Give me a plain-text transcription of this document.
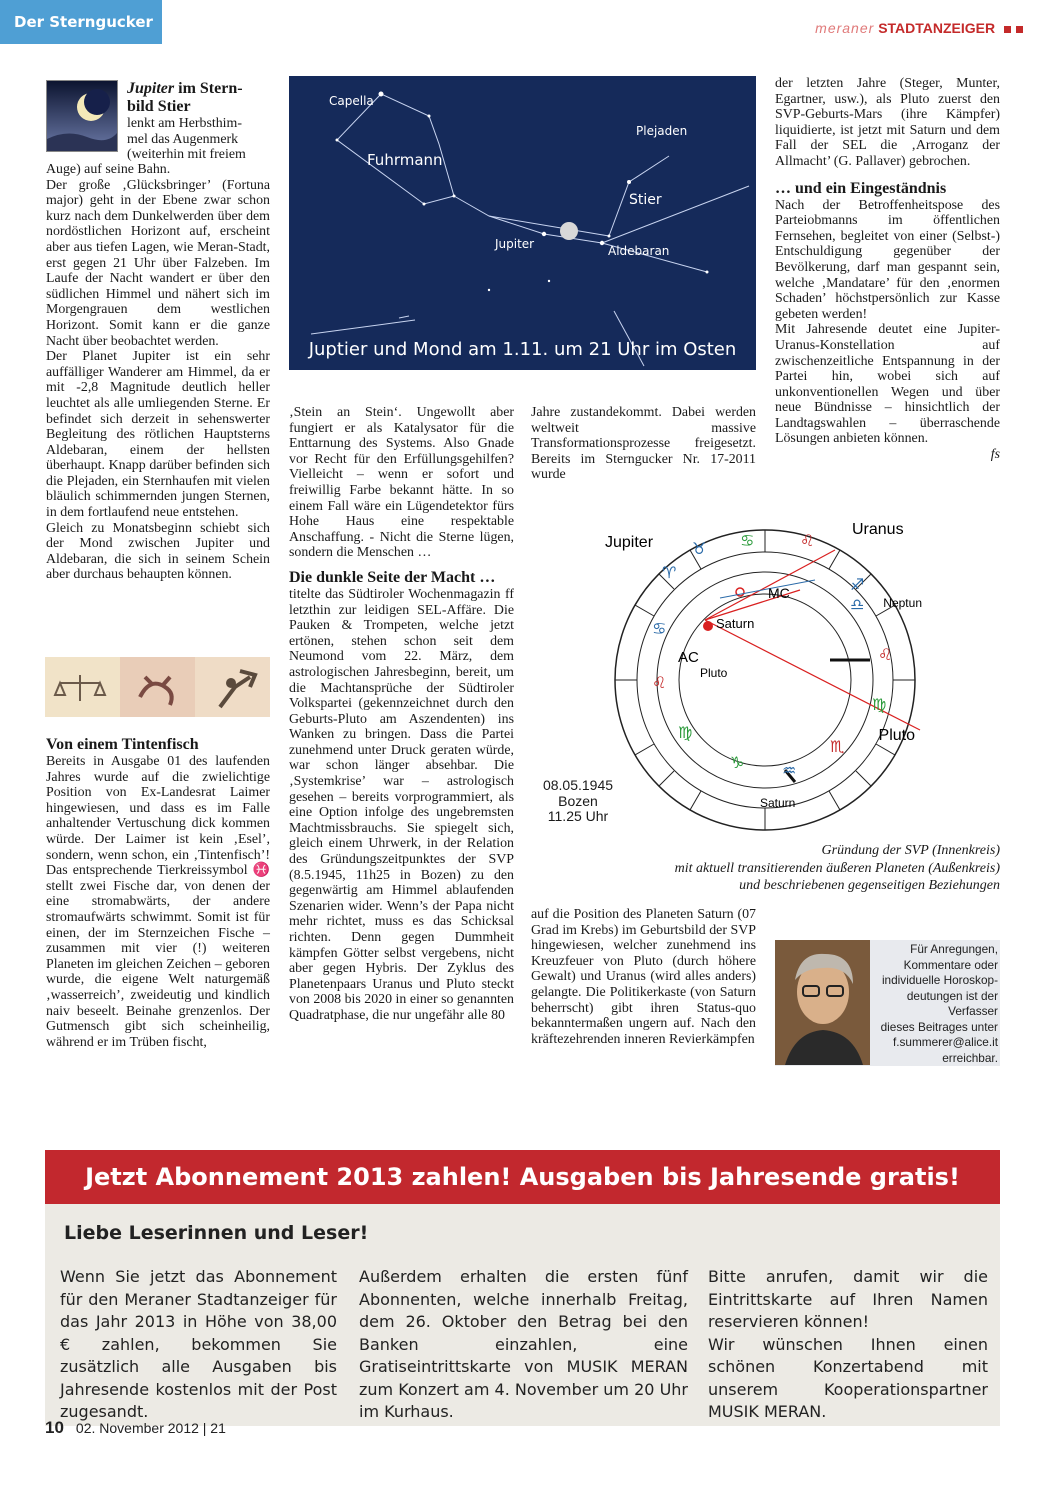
Der Sterngucker	meraner STADTANZEIGER

Jupiter im Stern-

bild Stier

lenkt am Herbsthim-

mel das Augenmerk

(weiterhin mit freiem

Auge) auf seine Bahn.

Der große ‚Glücksbringer’ (Fortuna major) geht in der Ebene zwar schon kurz nach dem Dunkelwerden über dem nordöstlichen Horizont auf, erscheint aber aus tiefen Lagen, wie Meran-Stadt, erst gegen 21 Uhr über Falzeben. Im Laufe der Nacht wandert er über den südlichen Himmel und nähert sich im Morgengrauen dem westlichen Horizont. Somit kann er die ganze Nacht über beobachtet werden.

Der Planet Jupiter ist ein sehr auffälliger Wanderer am Himmel, da er mit -2,8 Magnitude deutlich heller leuchtet als alle umliegenden Sterne. Er befindet sich derzeit in sehenswerter Begleitung des rötlichen Hauptsterns Aldebaran, einem der hellsten überhaupt. Knapp darüber befinden sich die Plejaden, ein Sternhaufen mit vielen bläulich schimmernden jungen Sternen, in dem fortlaufend neue entstehen.

Gleich zu Monatsbeginn schiebt sich der Mond zwischen Jupiter und Aldebaran, die sich in seinem Schein aber durchaus behaupten können.

Von einem Tintenfisch

Bereits in Ausgabe 01 des laufenden Jahres wurde auf die zwielichtige Position von Ex-Landesrat Laimer hingewiesen, und dass es im Falle anhaltender Vertuschung dick kommen würde. Der Laimer ist kein ‚Esel’, sondern, wenn schon, ein ‚Tintenfisch’! Das entsprechende Tierkreissymbol ♓ stellt zwei Fische dar, von denen der eine stromabwärts, der andere stromaufwärts schwimmt. Somit ist für einen, der im Sternzeichen Fische – zusammen mit vier (!) weiteren Planeten im gleichen Zeichen – geboren wurde, die eigene Welt naturgemäß ‚wasserreich’, zweideutig und kindlich naiv beseelt. Beinahe grenzenlos. Der Gutmensch gibt sich scheinheilig, während er im Trüben fischt,

Capella
Fuhrmann
Plejaden
Stier
Jupiter	Aldebaran
Juptier und Mond am 1.11. um 21 Uhr im Osten

‚Stein an Stein‘. Ungewollt aber fungiert er als Katalysator für die Enttarnung des Systems. Also Gnade vor Recht für den Erfüllungsgehilfen? Vielleicht – wenn er sofort und freiwillig Farbe bekannt hätte. In so einem Fall wäre ein Lügendetektor fürs Hohe Haus eine respektable Anschaffung. - Nicht die Sterne lügen, sondern die Menschen …

Die dunkle Seite der Macht …

titelte das Südtiroler Wochenmagazin ff letzthin zur leidigen SEL-Affäre. Die Pauken & Trompeten, welche jetzt ertönen, stehen schon seit dem Neumond vom 22. März, dem astrologischen Jahresbeginn, bereit, um die Machtansprüche der Südtiroler Volkspartei (gekennzeichnet durch den Geburts-Pluto am Aszendenten) ins Wanken zu bringen. Dass die Partei zunehmend unter Druck geraten würde, war schon länger absehbar. Die ‚Systemkrise’ war – astrologisch gesehen – bereits vorprogrammiert, als eine Option infolge des ungebremsten Machtmissbrauchs. Sie spiegelt sich, gleich einem Uhrwerk, in der Relation des Gründungszeitpunktes der SVP (8.5.1945, 11h25 in Bozen) zu den gegenwärtig am Himmel ablaufenden Szenarien wider. Wenn’s der Papa nicht mehr richtet, muss es das Schicksal richten. Denn gegen Dummheit kämpfen Götter selbst vergebens, nicht aber gegen Hybris. Der Zyklus des Planetenpaars Uranus und Pluto steckt von 2008 bis 2020 in einer so genannten Quadratphase, die nur ungefähr alle 80

Jahre zustandekommt. Dabei werden weltweit massive Transformationsprozesse freigesetzt. Bereits im Sterngucker Nr. 17-2011 wurde

der letzten Jahre (Steger, Munter, Egartner, usw.), als Pluto zuerst den SVP-Geburts-Mars (ihre Kämpfer) liquidierte, ist jetzt mit Saturn und dem Fall der SEL die ‚Arroganz der Allmacht’ (G. Pallaver) gebrochen.

… und ein Eingeständnis

Nach der Betroffenheitspose des Parteiobmanns im öffentlichen Fernsehen, begleitet von einer (Selbst-) Entschuldigung gegenüber der Bevölkerung, darf man gespannt sein, welche ‚Mandatare’ für den ‚enormen Schaden’ höchstpersönlich zur Kasse gebeten werden!

Mit Jahresende deutet eine Jupiter-Uranus-Konstellation auf zwischenzeitliche Entspannung in der Partei hin, wobei sich auf unkonventionellen Wegen und über neue Bündnisse – hinsichtlich der Landtagswahlen – überraschende Lösungen anbieten können.

fs

♈
♉ ♋	♌
♐
♎
♌
♍
♏
♒
♑
♍
♌
♋
Jupiter
Uranus
Neptun
Saturn
Pluto
Pluto
Saturn
AC
MC
08.05.1945
Bozen
11.25 Uhr
Gründung der SVP (Innenkreis)
mit aktuell transitierenden äußeren Planeten (Außenkreis)
und beschriebenen gegenseitigen Beziehungen

auf die Position des Planeten Saturn (07 Grad im Krebs) im Geburtsbild der SVP hingewiesen, welcher zunehmend ins Kreuzfeuer von Pluto (durch höhere Gewalt) und Uranus (wird alles anders) gelangte. Die Politikerkaste (von Saturn beherrscht) gibt ihren Status-quo bekanntermaßen ungern auf. Nach den kräftezehrenden inneren Revierkämpfen

Für Anregungen,
Kommentare oder
individuelle Horoskop-
deutungen ist der
Verfasser
dieses Beitrages unter
f.summerer@alice.it
erreichbar.
Jetzt Abonnement 2013 zahlen! Ausgaben bis Jahresende gratis!
Liebe Leserinnen und Leser!

Wenn Sie jetzt das Abonnement für den Meraner Stadtanzeiger für das Jahr 2013 in Höhe von 38,00 € zahlen, bekommen Sie zusätzlich alle Ausgaben bis Jahresende kostenlos mit der Post zugesandt.

Außerdem erhalten die ersten fünf Abonnenten, welche innerhalb Freitag, dem 26. Oktober den Betrag bei den Banken einzahlen, eine Gratiseintrittskarte von MUSIK MERAN zum Konzert am 4. November um 20 Uhr im Kurhaus.

Bitte anrufen, damit wir die Eintrittskarte auf Ihren Namen reservieren können!

Wir wünschen Ihnen einen schönen Konzertabend mit unserem Kooperationspartner MUSIK MERAN.

10 02. November 2012 | 21
